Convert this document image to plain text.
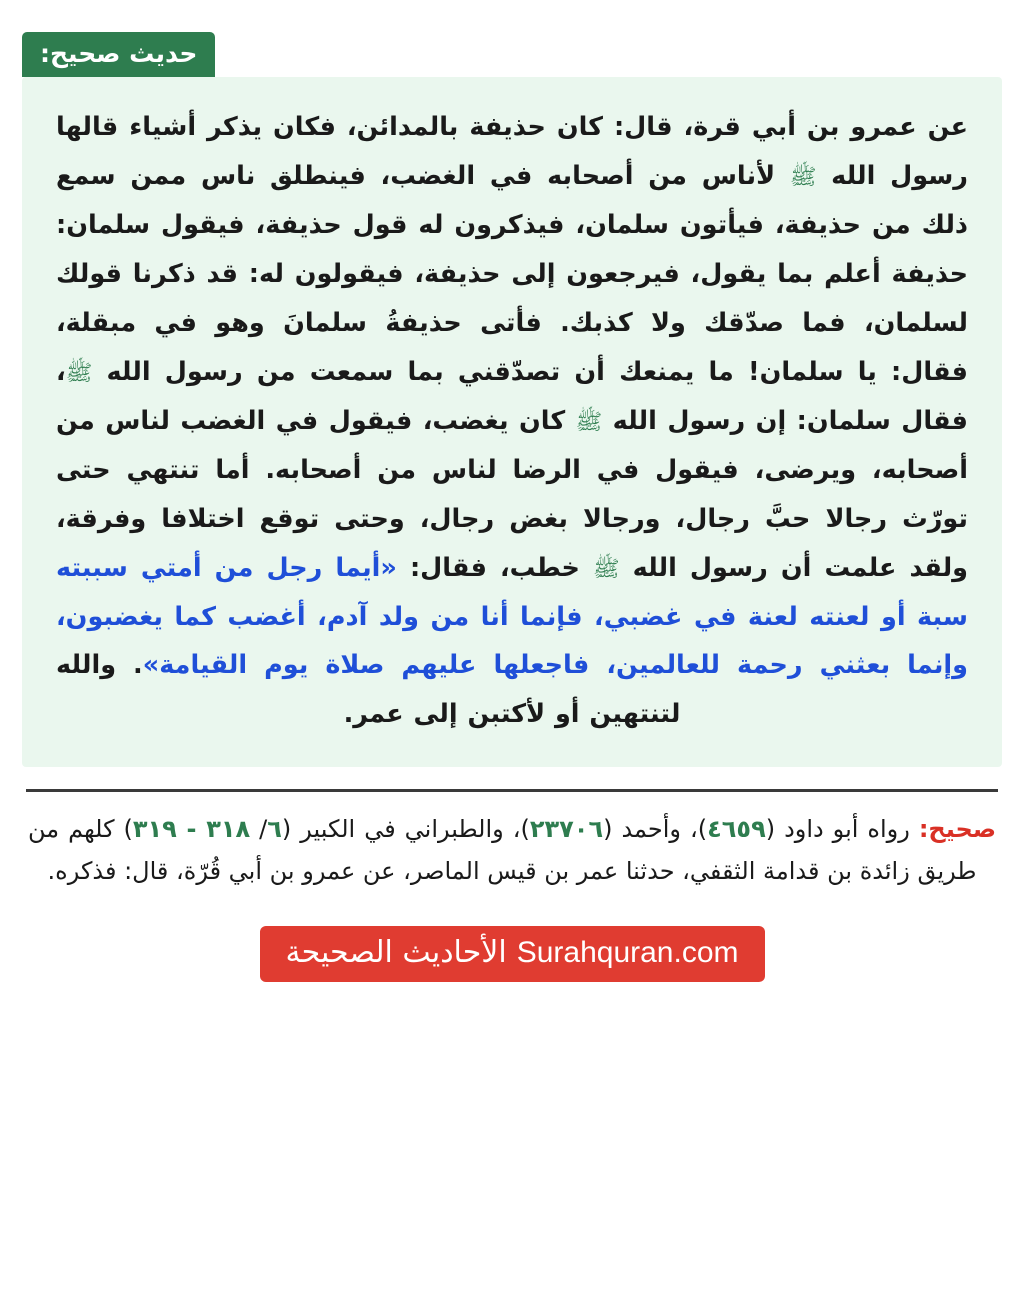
حديث صحيح:
عن عمرو بن أبي قرة، قال: كان حذيفة بالمدائن، فكان يذكر أشياء قالها رسول الله ﷺ لأناس من أصحابه في الغضب، فينطلق ناس ممن سمع ذلك من حذيفة، فيأتون سلمان، فيذكرون له قول حذيفة، فيقول سلمان: حذيفة أعلم بما يقول، فيرجعون إلى حذيفة، فيقولون له: قد ذكرنا قولك لسلمان، فما صدّقك ولا كذبك. فأتى حذيفةُ سلمانَ وهو في مبقلة، فقال: يا سلمان! ما يمنعك أن تصدّقني بما سمعت من رسول الله ﷺ، فقال سلمان: إن رسول الله ﷺ كان يغضب، فيقول في الغضب لناس من أصحابه، ويرضى، فيقول في الرضا لناس من أصحابه. أما تنتهي حتى تورّث رجالا حبَّ رجال، ورجالا بغض رجال، وحتى توقع اختلافا وفرقة، ولقد علمت أن رسول الله ﷺ خطب، فقال: «أيما رجل من أمتي سببته سبة أو لعنته لعنة في غضبي، فإنما أنا من ولد آدم، أغضب كما يغضبون، وإنما بعثني رحمة للعالمين، فاجعلها عليهم صلاة يوم القيامة». والله لتنتهين أو لأكتبن إلى عمر.
صحيح: رواه أبو داود (٤٦٥٩)، وأحمد (٢٣٧٠٦)، والطبراني في الكبير (٦/ ٣١٨ - ٣١٩) كلهم من طريق زائدة بن قدامة الثقفي، حدثنا عمر بن قيس الماصر، عن عمرو بن أبي قُرّة، قال: فذكره.
Surahquran.com
الأحاديث الصحيحة
